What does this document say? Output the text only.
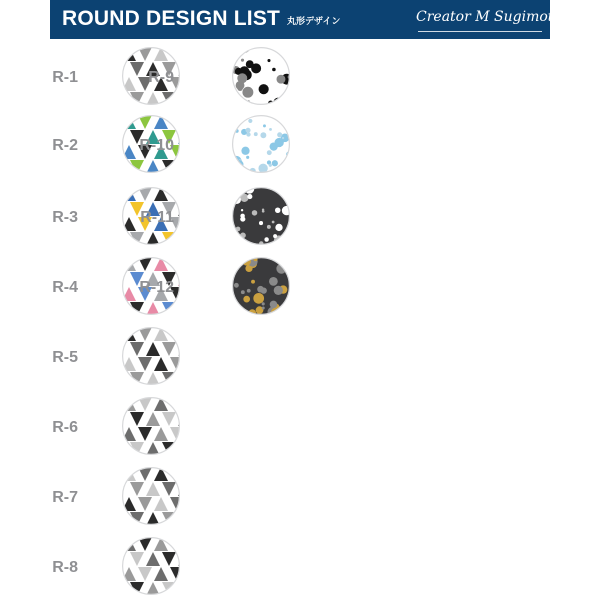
ROUND DESIGN LIST 丸形デザイン	Creator M Sugimoto
R-1
R-2
R-3
R-4
R-5
R-6
R-7
R-8
R-9
R-10
R-11
R-12
